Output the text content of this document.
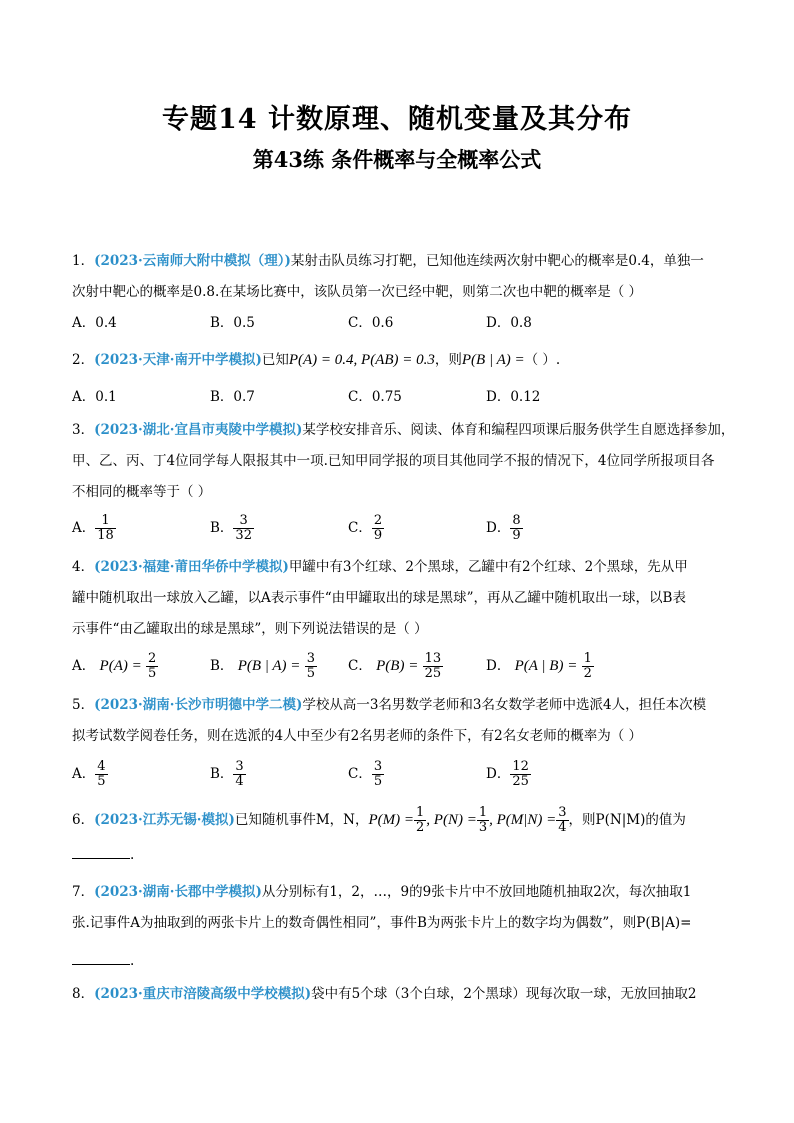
专题14 计数原理、随机变量及其分布
第43练 条件概率与全概率公式
1．(2023·云南师大附中模拟（理）)某射击队员练习打靶，已知他连续两次射中靶心的概率是0.4，单独一
次射中靶心的概率是0.8.在某场比赛中，该队员第一次已经中靶，则第二次也中靶的概率是（ ）
A．0.4	B．0.5	C．0.6	D．0.8
2．(2023·天津·南开中学模拟)已知P(A) = 0.4, P(AB) = 0.3，则P(B | A) =（ ）.
A．0.1	B．0.7	C．0.75	D．0.12
3．(2023·湖北·宜昌市夷陵中学模拟)某学校安排音乐、阅读、体育和编程四项课后服务供学生自愿选择参加，
甲、乙、丙、丁4位同学每人限报其中一项.已知甲同学报的项目其他同学不报的情况下，4位同学所报项目各
不相同的概率等于（ ）
A． $\frac{1}{18}$	B． $\frac{3}{32}$	C． $\frac{2}{9}$	D． $\frac{8}{9}$
4．(2023·福建·莆田华侨中学模拟)甲罐中有3个红球、2个黑球，乙罐中有2个红球、2个黑球，先从甲
罐中随机取出一球放入乙罐，以A表示事件“由甲罐取出的球是黑球”，再从乙罐中随机取出一球，以B表
示事件“由乙罐取出的球是黑球”，则下列说法错误的是（ ）
A． $P(A) = \frac{2}{5}$	B． P(B | $A) = \frac{3}{5}$ C． $P(B) = \frac{13}{25}$	D． P(A | $B) = \frac{1}{2}$
5．(2023·湖南·长沙市明德中学二模)学校从高一3名男数学老师和3名女数学老师中选派4人，担任本次模
拟考试数学阅卷任务，则在选派的4人中至少有2名男老师的条件下，有2名女老师的概率为（ ）
A． $\frac{4}{5}$	B． $\frac{3}{4}$	C． $\frac{3}{5}$	D． $\frac{12}{25}$
6．(2023·江苏无锡·模拟)已知随机事件M，N，$P(M) = \frac{1}{2}$ , $P(N) = \frac{1}{3}$ , $P(M|N) = \frac{3}{4}$ ，则P(N|M)的值为
.
7．(2023·湖南·长郡中学模拟)从分别标有1，2，…，9的9张卡片中不放回地随机抽取2次，每次抽取1
张.记事件A为抽取到的两张卡片上的数奇偶性相同”，事件B为两张卡片上的数字均为偶数”，则P(B|A)=
.
8．(2023·重庆市涪陵高级中学校模拟)袋中有5个球（3个白球，2个黑球）现每次取一球，无放回抽取2
